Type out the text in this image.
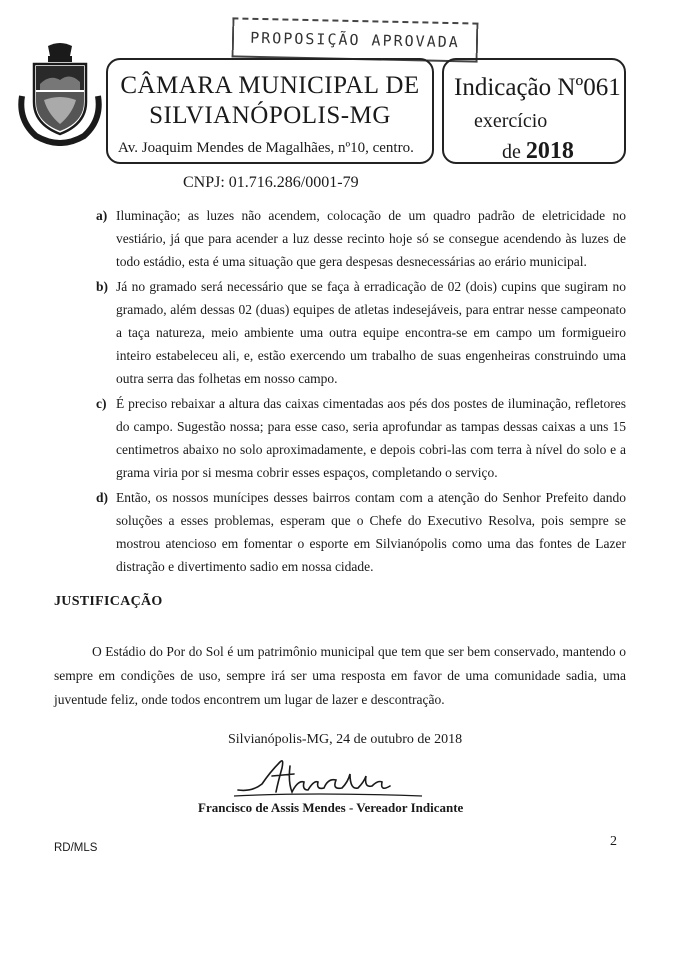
PROPOSIÇÃO APROVADA
CÂMARA MUNICIPAL DE
SILVIANÓPOLIS-MG
Av. Joaquim Mendes de Magalhães, nº10, centro.
Indicação Nº061
exercício
de 2018
CNPJ: 01.716.286/0001-79
a) Iluminação; as luzes não acendem, colocação de um quadro padrão de eletricidade no vestiário, já que para acender a luz desse recinto hoje só se consegue acendendo às luzes de todo estádio, esta é uma situação que gera despesas desnecessárias ao erário municipal.
b) Já no gramado será necessário que se faça à erradicação de 02 (dois) cupins que sugiram no gramado, além dessas 02 (duas) equipes de atletas indesejáveis, para entrar nesse campeonato a taça natureza, meio ambiente uma outra equipe encontra-se em campo um formigueiro inteiro estabeleceu ali, e, estão exercendo um trabalho de suas engenheiras construindo uma outra serra das folhetas em nosso campo.
c) É preciso rebaixar a altura das caixas cimentadas aos pés dos postes de iluminação, refletores do campo. Sugestão nossa; para esse caso, seria aprofundar as tampas dessas caixas a uns 15 centimetros abaixo no solo aproximadamente, e depois cobri-las com terra à nível do solo e a grama viria por si mesma cobrir esses espaços, completando o serviço.
d) Então, os nossos munícipes desses bairros contam com a atenção do Senhor Prefeito dando soluções a esses problemas, esperam que o Chefe do Executivo Resolva, pois sempre se mostrou atencioso em fomentar o esporte em Silvianópolis como uma das fontes de Lazer distração e divertimento sadio em nossa cidade.
JUSTIFICAÇÃO
O Estádio do Por do Sol é um patrimônio municipal que tem que ser bem conservado, mantendo o sempre em condições de uso, sempre irá ser uma resposta em favor de uma comunidade sadia, uma juventude feliz, onde todos encontrem um lugar de lazer e descontração.
Silvianópolis-MG, 24 de outubro de 2018
Francisco de Assis Mendes - Vereador Indicante
RD/MLS	2
